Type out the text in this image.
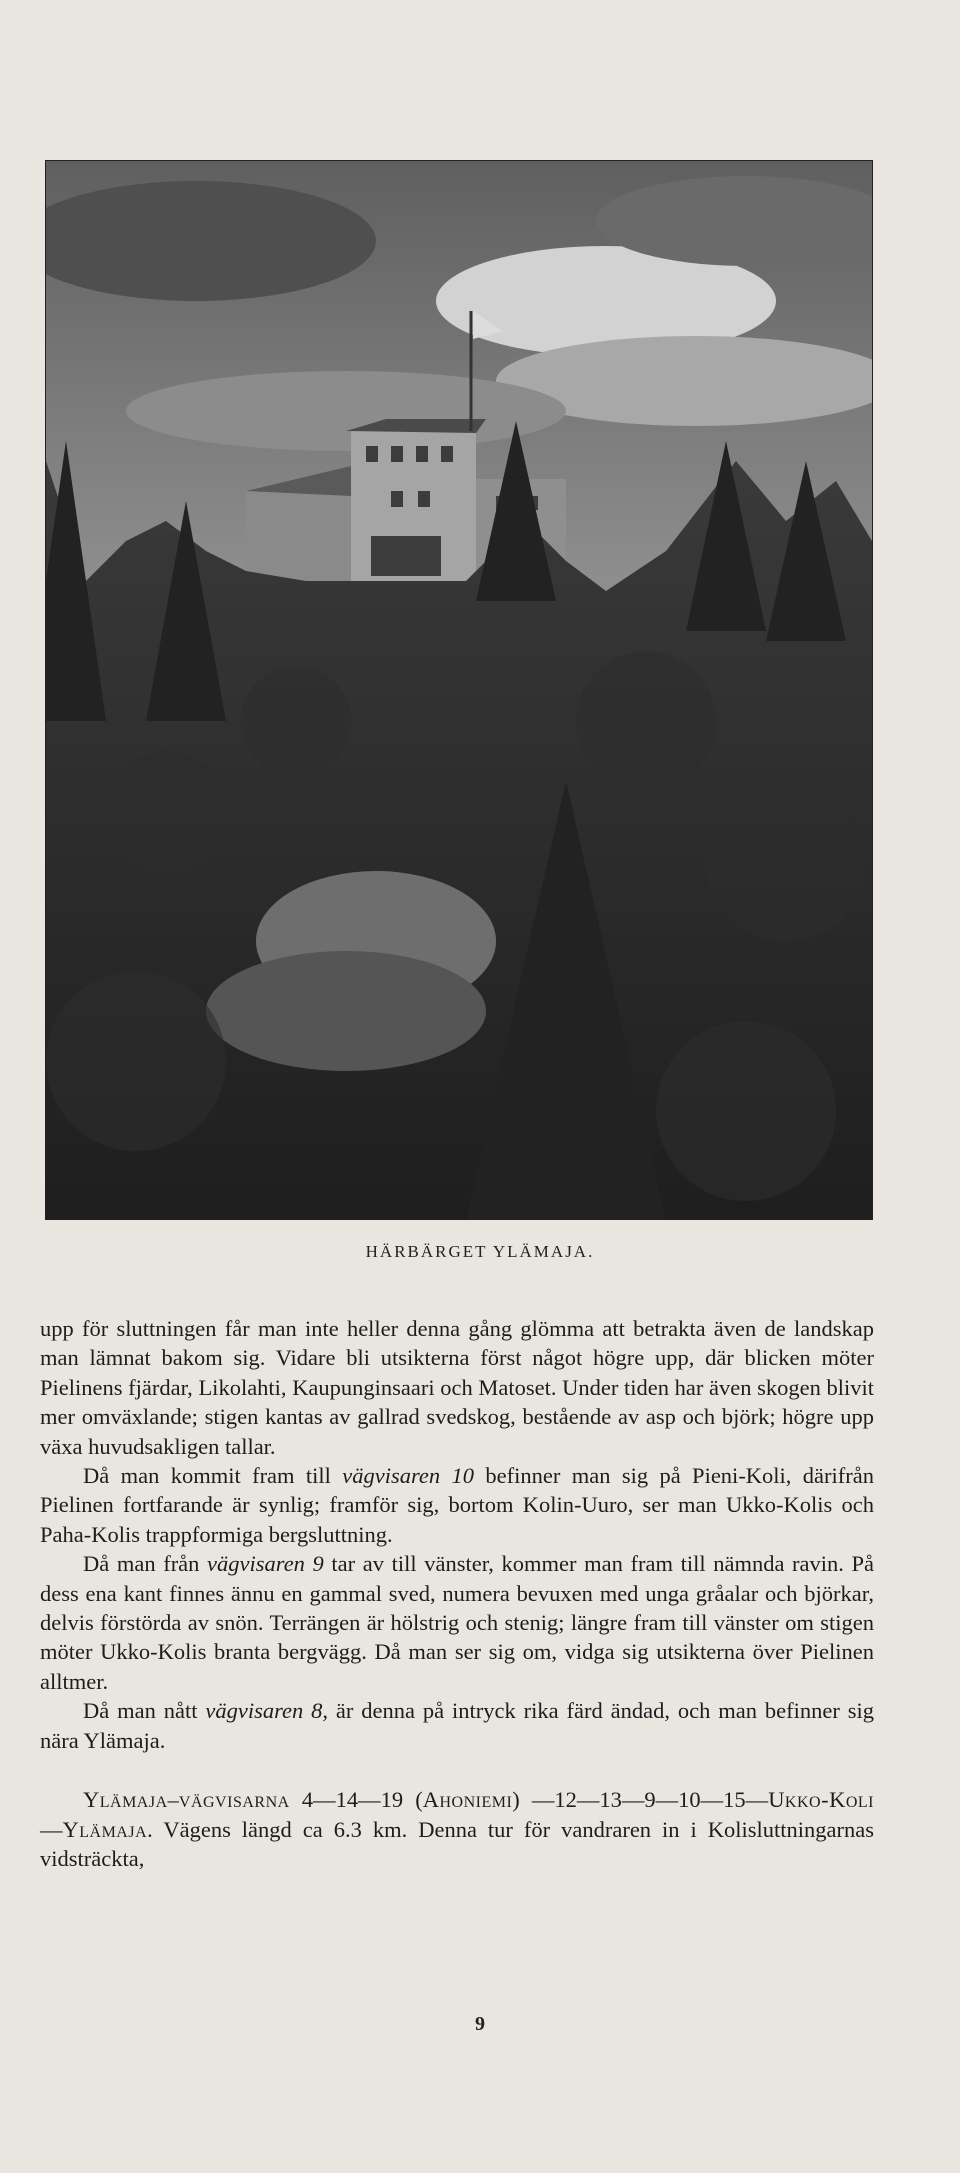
HÄRBÄRGET YLÄMAJA.

upp för sluttningen får man inte heller denna gång glömma att betrakta även de landskap man lämnat bakom sig. Vidare bli utsikterna först något högre upp, där blicken möter Pielinens fjärdar, Likolahti, Kaupunginsaari och Matoset. Under tiden har även skogen blivit mer omväxlande; stigen kantas av gallrad svedskog, bestående av asp och björk; högre upp växa huvudsakligen tallar.

Då man kommit fram till vägvisaren 10 befinner man sig på Pieni-Koli, därifrån Pielinen fortfarande är synlig; framför sig, bortom Kolin-Uuro, ser man Ukko-Kolis och Paha-Kolis trappformiga bergsluttning.

Då man från vägvisaren 9 tar av till vänster, kommer man fram till nämnda ravin. På dess ena kant finnes ännu en gammal sved, numera bevuxen med unga gråalar och björkar, delvis förstörda av snön. Terrängen är hölstrig och stenig; längre fram till vänster om stigen möter Ukko-Kolis branta bergvägg. Då man ser sig om, vidga sig utsikterna över Pielinen alltmer.

Då man nått vägvisaren 8, är denna på intryck rika färd ändad, och man befinner sig nära Ylämaja.

Ylämaja–vägvisarna 4—14—19 (Ahoniemi) —12—13—9—10—15—Ukko-Koli—Ylämaja. Vägens längd ca 6.3 km. Denna tur för vandraren in i Kolisluttningarnas vidsträckta,

9
